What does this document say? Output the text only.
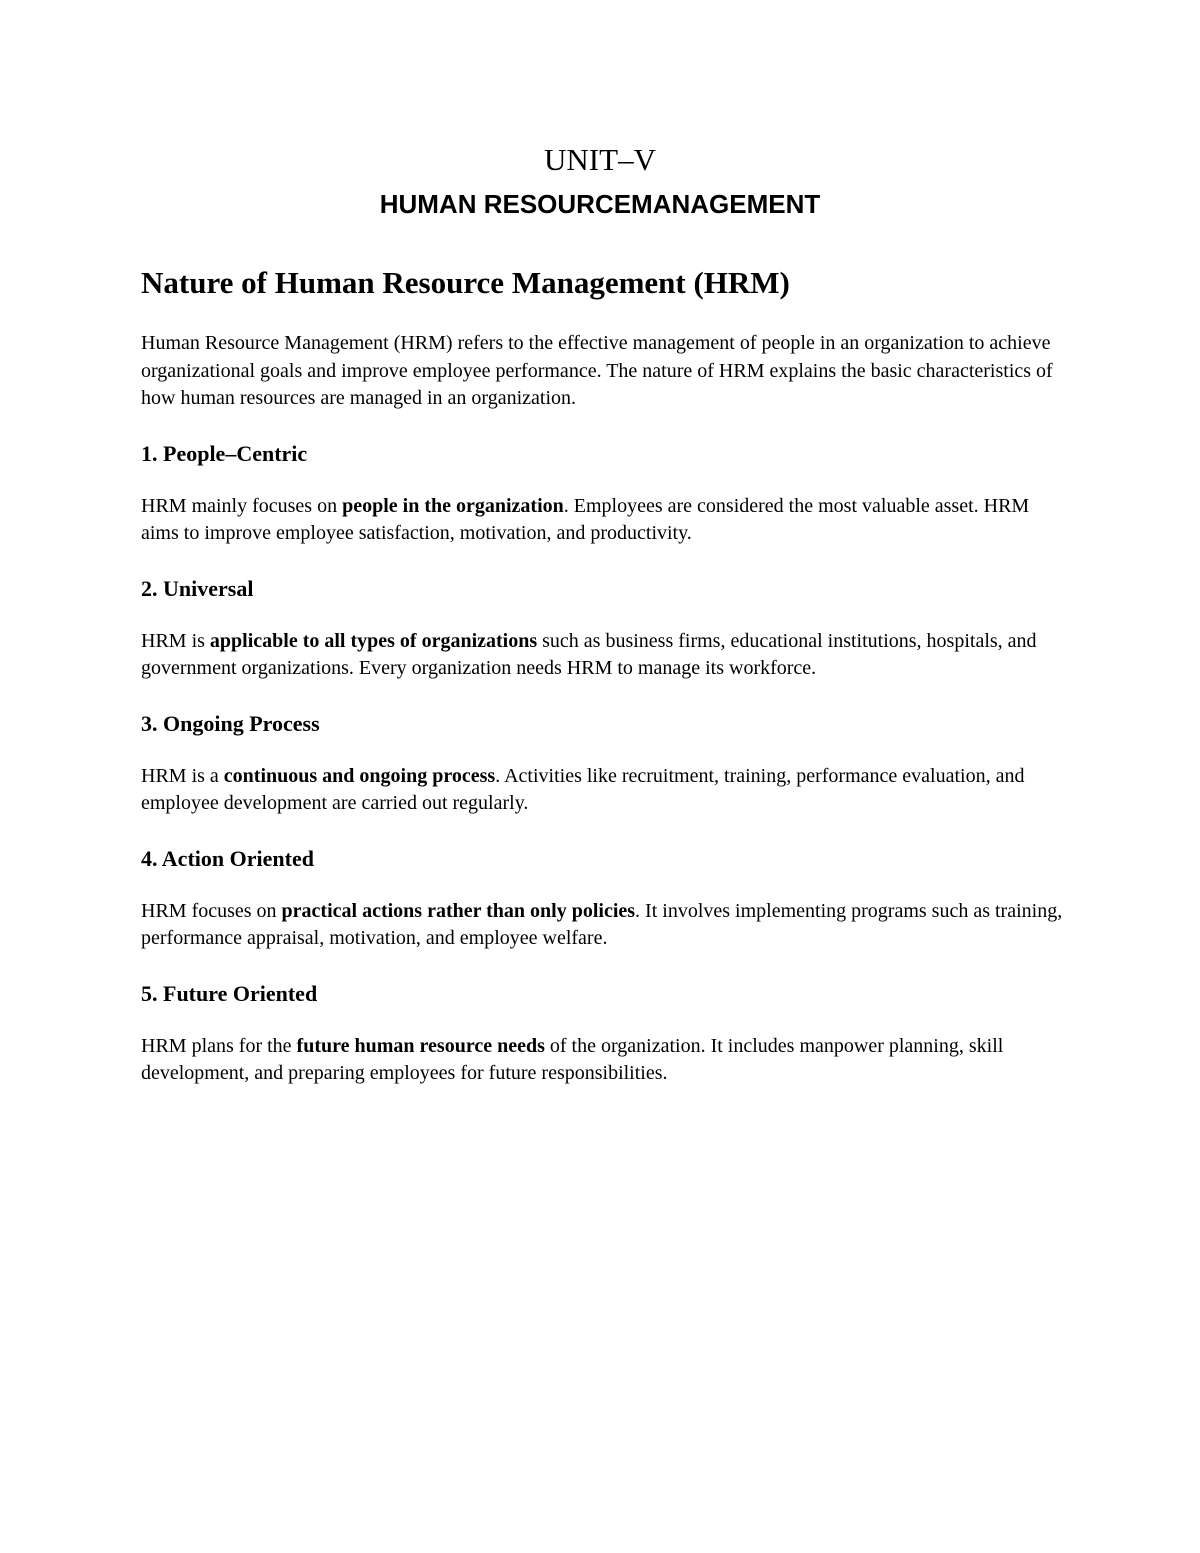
UNIT–V
HUMAN RESOURCEMANAGEMENT
Nature of Human Resource Management (HRM)

Human Resource Management (HRM) refers to the effective management of people in an organization to achieve organizational goals and improve employee performance. The nature of HRM explains the basic characteristics of how human resources are managed in an organization.

1. People–Centric

HRM mainly focuses on people in the organization. Employees are considered the most valuable asset. HRM aims to improve employee satisfaction, motivation, and productivity.

2. Universal

HRM is applicable to all types of organizations such as business firms, educational institutions, hospitals, and government organizations. Every organization needs HRM to manage its workforce.

3. Ongoing Process

HRM is a continuous and ongoing process. Activities like recruitment, training, performance evaluation, and employee development are carried out regularly.

4. Action Oriented

HRM focuses on practical actions rather than only policies. It involves implementing programs such as training, performance appraisal, motivation, and employee welfare.

5. Future Oriented

HRM plans for the future human resource needs of the organization. It includes manpower planning, skill development, and preparing employees for future responsibilities.
